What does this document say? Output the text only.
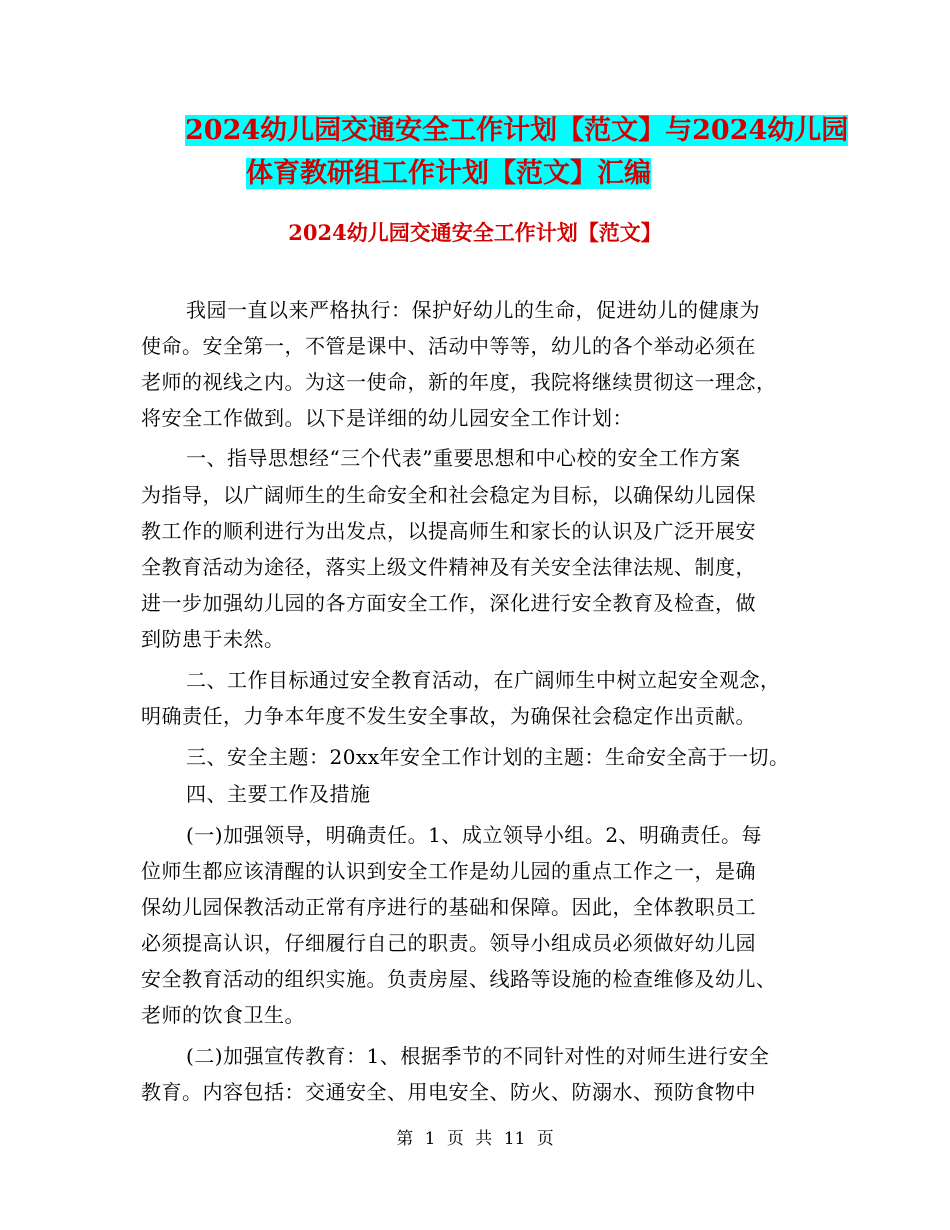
2024幼儿园交通安全工作计划【范文】与2024幼儿园
体育教研组工作计划【范文】汇编
2024幼儿园交通安全工作计划【范文】
我园一直以来严格执行：保护好幼儿的生命，促进幼儿的健康为
使命。安全第一，不管是课中、活动中等等，幼儿的各个举动必须在
老师的视线之内。为这一使命，新的年度，我院将继续贯彻这一理念，
将安全工作做到。以下是详细的幼儿园安全工作计划：
一、指导思想经“三个代表”重要思想和中心校的安全工作方案
为指导，以广阔师生的生命安全和社会稳定为目标，以确保幼儿园保
教工作的顺利进行为出发点，以提高师生和家长的认识及广泛开展安
全教育活动为途径，落实上级文件精神及有关安全法律法规、制度，
进一步加强幼儿园的各方面安全工作，深化进行安全教育及检查，做
到防患于未然。
二、工作目标通过安全教育活动，在广阔师生中树立起安全观念，
明确责任，力争本年度不发生安全事故，为确保社会稳定作出贡献。
三、安全主题：20xx年安全工作计划的主题：生命安全高于一切。
四、主要工作及措施
(一)加强领导，明确责任。1、成立领导小组。2、明确责任。每
位师生都应该清醒的认识到安全工作是幼儿园的重点工作之一，是确
保幼儿园保教活动正常有序进行的基础和保障。因此，全体教职员工
必须提高认识，仔细履行自己的职责。领导小组成员必须做好幼儿园
安全教育活动的组织实施。负责房屋、线路等设施的检查维修及幼儿、
老师的饮食卫生。
(二)加强宣传教育：1、根据季节的不同针对性的对师生进行安全
教育。内容包括：交通安全、用电安全、防火、防溺水、预防食物中
第 1 页 共 11 页
